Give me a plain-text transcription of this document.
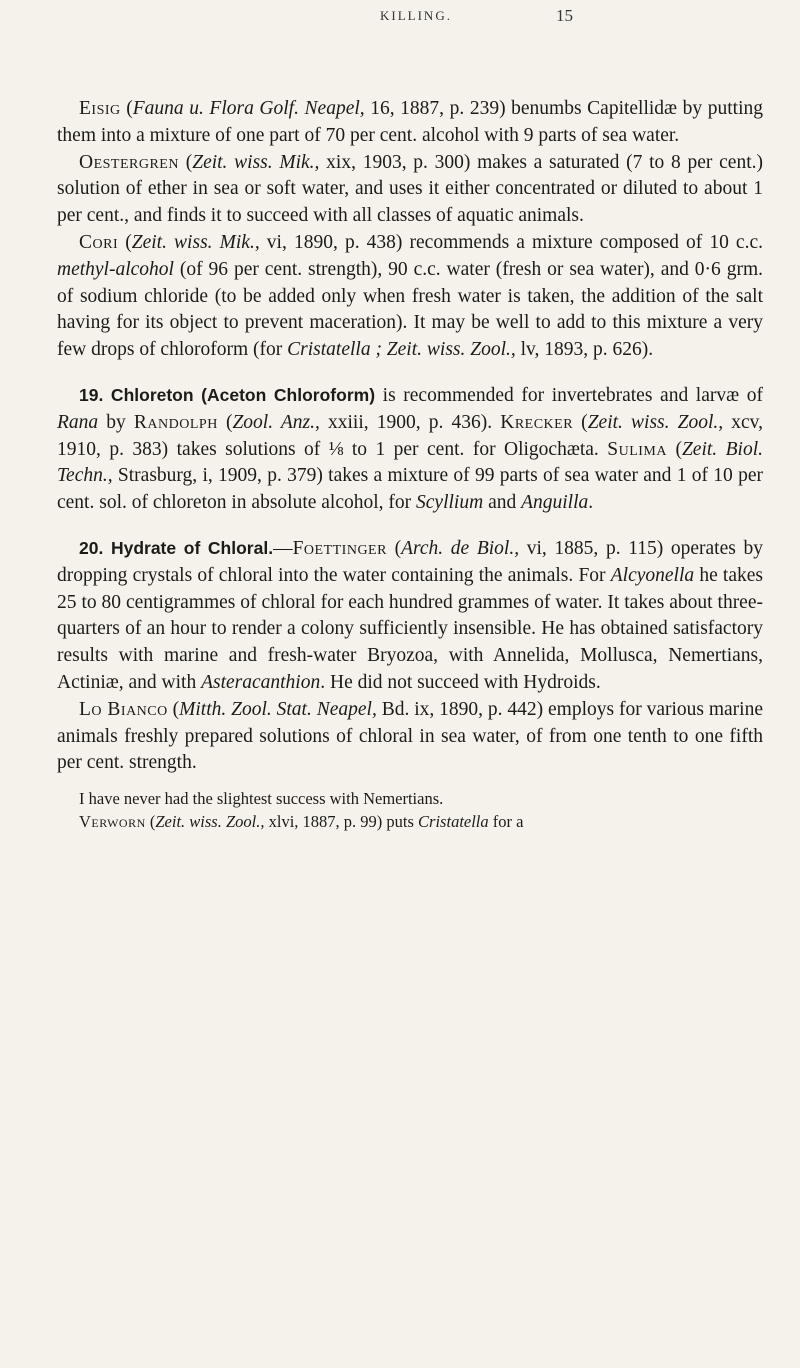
KILLING.	15

Eisig (Fauna u. Flora Golf. Neapel, 16, 1887, p. 239) benumbs Capitellidæ by putting them into a mixture of one part of 70 per cent. alcohol with 9 parts of sea water.

Oestergren (Zeit. wiss. Mik., xix, 1903, p. 300) makes a saturated (7 to 8 per cent.) solution of ether in sea or soft water, and uses it either concentrated or diluted to about 1 per cent., and finds it to succeed with all classes of aquatic animals.

Cori (Zeit. wiss. Mik., vi, 1890, p. 438) recommends a mixture composed of 10 c.c. methyl-alcohol (of 96 per cent. strength), 90 c.c. water (fresh or sea water), and 0·6 grm. of sodium chloride (to be added only when fresh water is taken, the addition of the salt having for its object to prevent maceration). It may be well to add to this mixture a very few drops of chloroform (for Cristatella ; Zeit. wiss. Zool., lv, 1893, p. 626).

19. Chloreton (Aceton Chloroform) is recommended for invertebrates and larvæ of Rana by Randolph (Zool. Anz., xxiii, 1900, p. 436). Krecker (Zeit. wiss. Zool., xcv, 1910, p. 383) takes solutions of ⅛ to 1 per cent. for Oligochæta. Sulima (Zeit. Biol. Techn., Strasburg, i, 1909, p. 379) takes a mixture of 99 parts of sea water and 1 of 10 per cent. sol. of chloreton in absolute alcohol, for Scyllium and Anguilla.

20. Hydrate of Chloral.—Foettinger (Arch. de Biol., vi, 1885, p. 115) operates by dropping crystals of chloral into the water containing the animals. For Alcyonella he takes 25 to 80 centigrammes of chloral for each hundred grammes of water. It takes about three-quarters of an hour to render a colony sufficiently insensible. He has obtained satisfactory results with marine and fresh-water Bryozoa, with Annelida, Mollusca, Nemertians, Actiniæ, and with Asteracanthion. He did not succeed with Hydroids.

Lo Bianco (Mitth. Zool. Stat. Neapel, Bd. ix, 1890, p. 442) employs for various marine animals freshly prepared solutions of chloral in sea water, of from one tenth to one fifth per cent. strength.

I have never had the slightest success with Nemertians.

Verworn (Zeit. wiss. Zool., xlvi, 1887, p. 99) puts Cristatella for a
